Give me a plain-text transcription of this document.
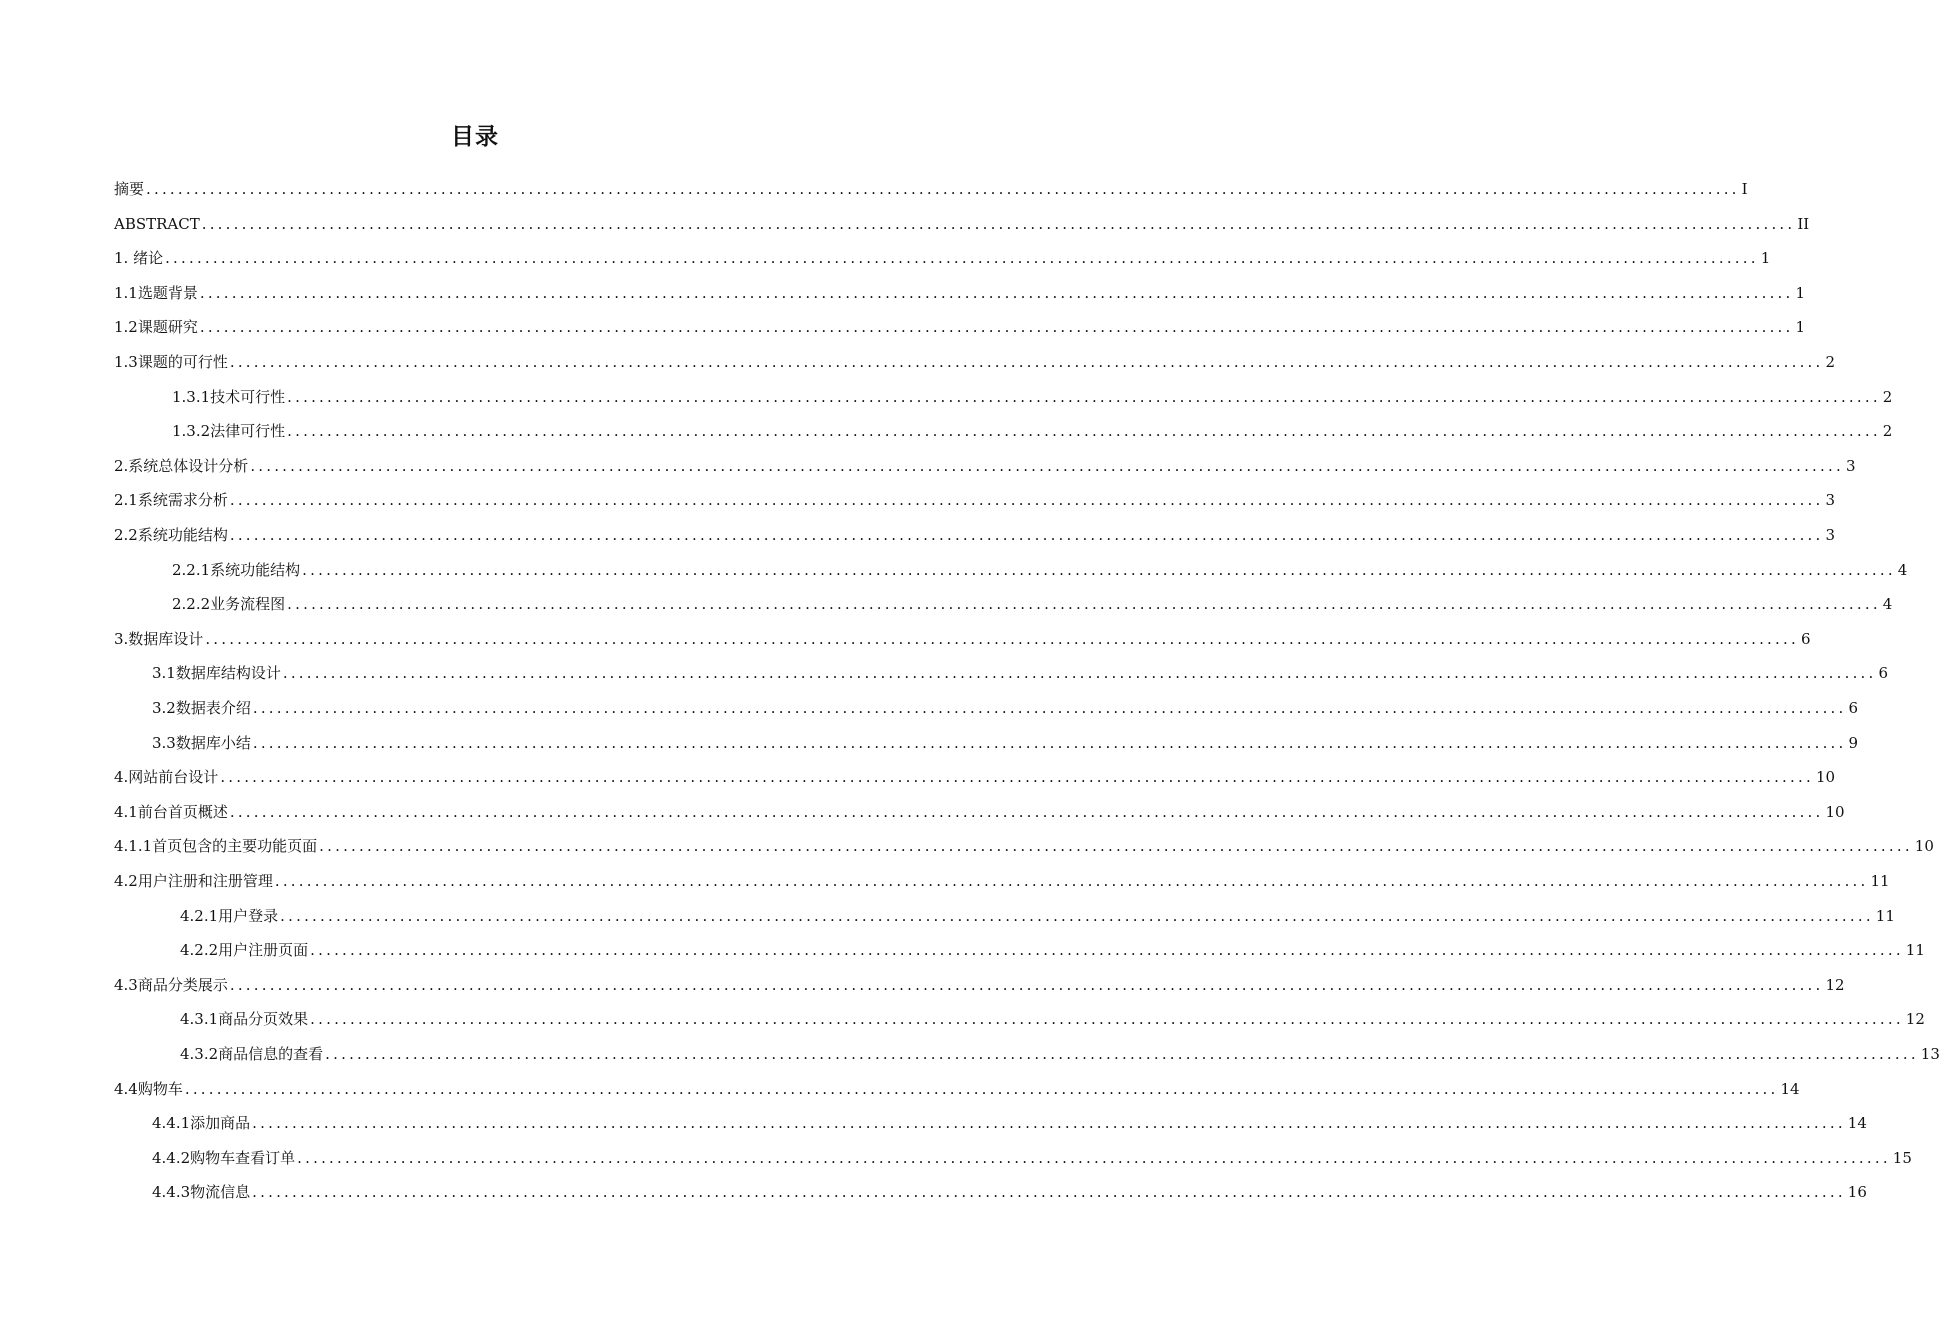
目录
摘要 ........................................................................................................................................................................................................ I
ABSTRACT ........................................................................................................................................................................................................ II
1. 绪论 ........................................................................................................................................................................................................ 1
1.1选题背景 ........................................................................................................................................................................................................ 1
1.2课题研究 ........................................................................................................................................................................................................ 1
1.3课题的可行性 ........................................................................................................................................................................................................ 2
1.3.1技术可行性 ........................................................................................................................................................................................................ 2
1.3.2法律可行性 ........................................................................................................................................................................................................ 2
2.系统总体设计分析 ........................................................................................................................................................................................................ 3
2.1系统需求分析 ........................................................................................................................................................................................................ 3
2.2系统功能结构 ........................................................................................................................................................................................................ 3
2.2.1系统功能结构 ........................................................................................................................................................................................................ 4
2.2.2业务流程图 ........................................................................................................................................................................................................ 4
3.数据库设计 ........................................................................................................................................................................................................ 6
3.1数据库结构设计 ........................................................................................................................................................................................................ 6
3.2数据表介绍 ........................................................................................................................................................................................................ 6
3.3数据库小结 ........................................................................................................................................................................................................ 9
4.网站前台设计 ........................................................................................................................................................................................................ 10
4.1前台首页概述 ........................................................................................................................................................................................................ 10
4.1.1首页包含的主要功能页面 ........................................................................................................................................................................................................ 10
4.2用户注册和注册管理 ........................................................................................................................................................................................................ 11
4.2.1用户登录 ........................................................................................................................................................................................................ 11
4.2.2用户注册页面 ........................................................................................................................................................................................................ 11
4.3商品分类展示 ........................................................................................................................................................................................................ 12
4.3.1商品分页效果 ........................................................................................................................................................................................................ 12
4.3.2商品信息的查看 ........................................................................................................................................................................................................ 13
4.4购物车 ........................................................................................................................................................................................................ 14
4.4.1添加商品 ........................................................................................................................................................................................................ 14
4.4.2购物车查看订单 ........................................................................................................................................................................................................ 15
4.4.3物流信息 ........................................................................................................................................................................................................ 16
